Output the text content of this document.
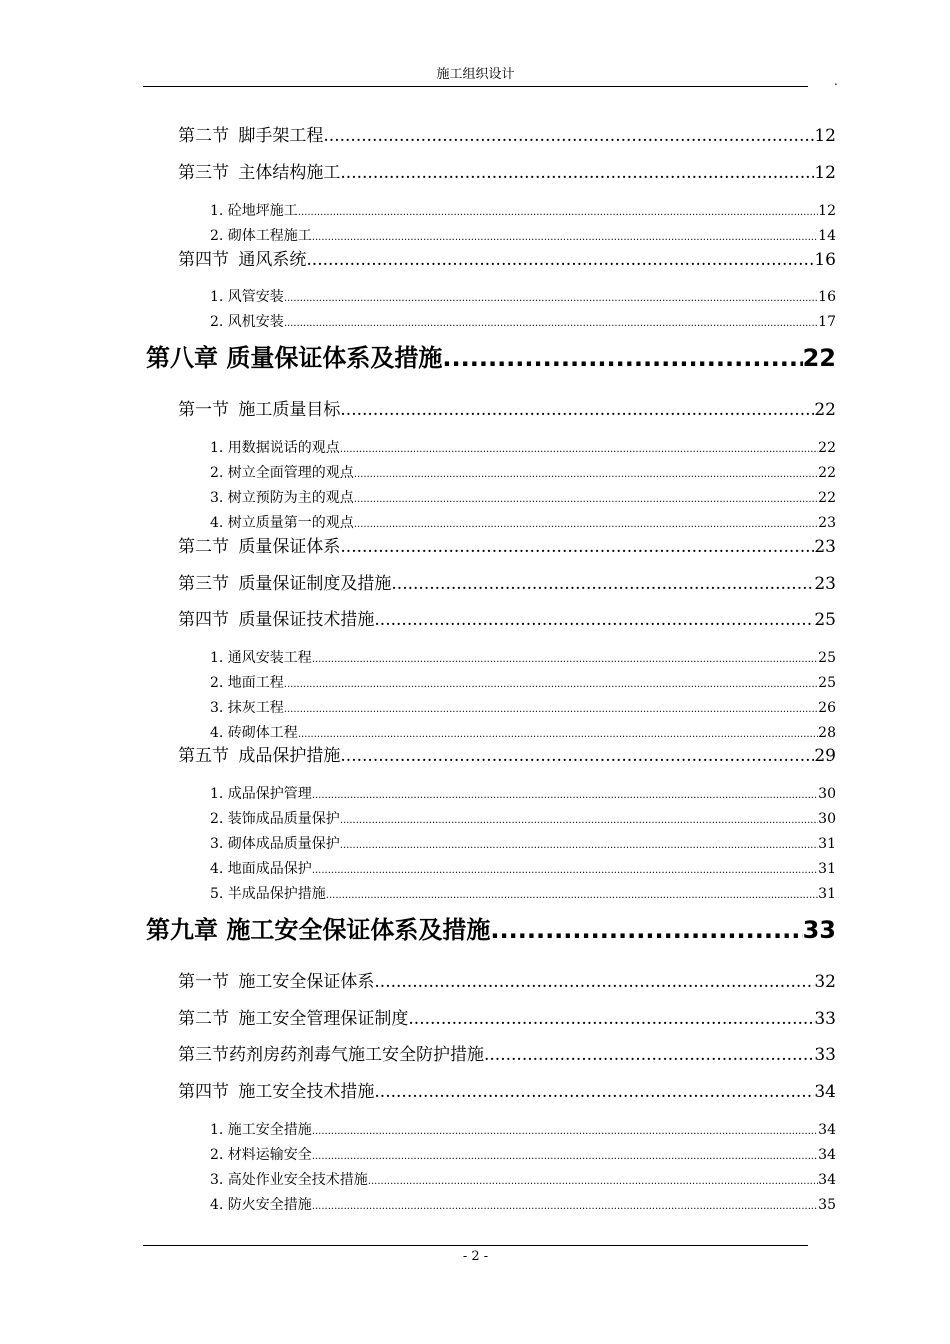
施工组织设计	.
第二节 脚手架工程 .....	12
第三节 主体结构施工 .....	12
1. 砼地坪施工 .....	12
2. 砌体工程施工 .....	14
第四节 通风系统 .....	16
1. 风管安装 .....	16
2. 风机安装 .....	17
第八章 质量保证体系及措施 .....	22
第一节 施工质量目标 .....	22
1. 用数据说话的观点 .....	22
2. 树立全面管理的观点 .....	22
3. 树立预防为主的观点 .....	22
4. 树立质量第一的观点 .....	23
第二节 质量保证体系 .....	23
第三节 质量保证制度及措施 .....	23
第四节 质量保证技术措施 .....	25
1. 通风安装工程 .....	25
2. 地面工程 .....	25
3. 抹灰工程 .....	26
4. 砖砌体工程 .....	28
第五节 成品保护措施 .....	29
1. 成品保护管理 .....	30
2. 装饰成品质量保护 .....	30
3. 砌体成品质量保护 .....	31
4. 地面成品保护 .....	31
5. 半成品保护措施 .....	31
第九章 施工安全保证体系及措施 .....	33
第一节 施工安全保证体系 .....	32
第二节 施工安全管理保证制度 .....	33
第三节药剂房药剂毒气施工安全防护措施 .....	33
第四节 施工安全技术措施 .....	34
1. 施工安全措施 .....	34
2. 材料运输安全 .....	34
3. 高处作业安全技术措施 .....	34
4. 防火安全措施 .....	35
- 2 -
